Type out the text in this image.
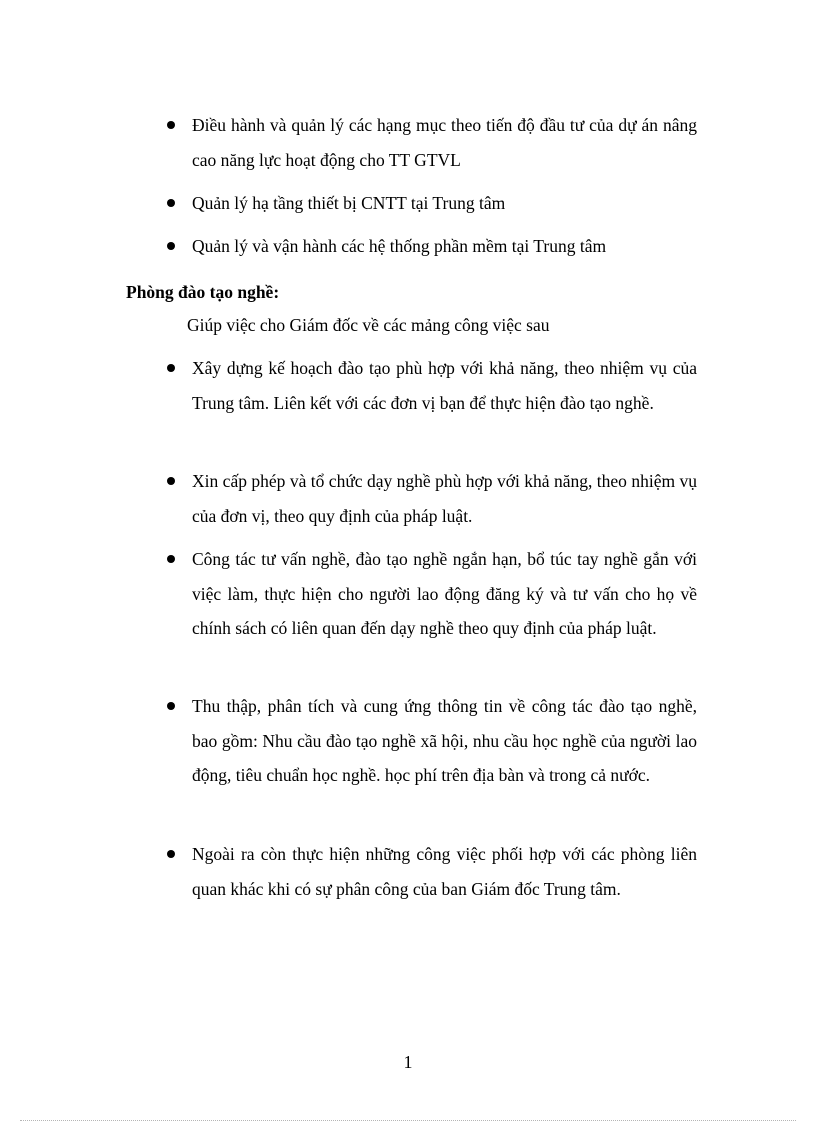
Điều hành và quản lý các hạng mục theo tiến độ đầu tư của dự án nâng cao năng lực hoạt động cho TT GTVL

Quản lý hạ tầng thiết bị CNTT tại Trung tâm

Quản lý và vận hành các hệ thống phần mềm tại Trung tâm

Phòng đào tạo nghề:

Giúp việc cho Giám đốc về các mảng công việc sau

Xây dựng kế hoạch đào tạo phù hợp với khả năng, theo nhiệm vụ của Trung tâm. Liên kết với các đơn vị bạn để thực hiện đào tạo nghề.

Xin cấp phép và tổ chức dạy nghề phù hợp với khả năng, theo nhiệm vụ của đơn vị, theo quy định của pháp luật.

Công tác tư vấn nghề, đào tạo nghề ngắn hạn, bổ túc tay nghề gắn với việc làm, thực hiện cho người lao động đăng ký và tư vấn cho họ về chính sách có liên quan đến dạy nghề theo quy định của pháp luật.

Thu thập, phân tích và cung ứng thông tin về công tác đào tạo nghề, bao gồm: Nhu cầu đào tạo nghề xã hội, nhu cầu học nghề của người lao động, tiêu chuẩn học nghề. học phí trên địa bàn và trong cả nước.

Ngoài ra còn thực hiện những công việc phối hợp với các phòng liên quan khác khi có sự phân công của ban Giám đốc Trung tâm.

1
